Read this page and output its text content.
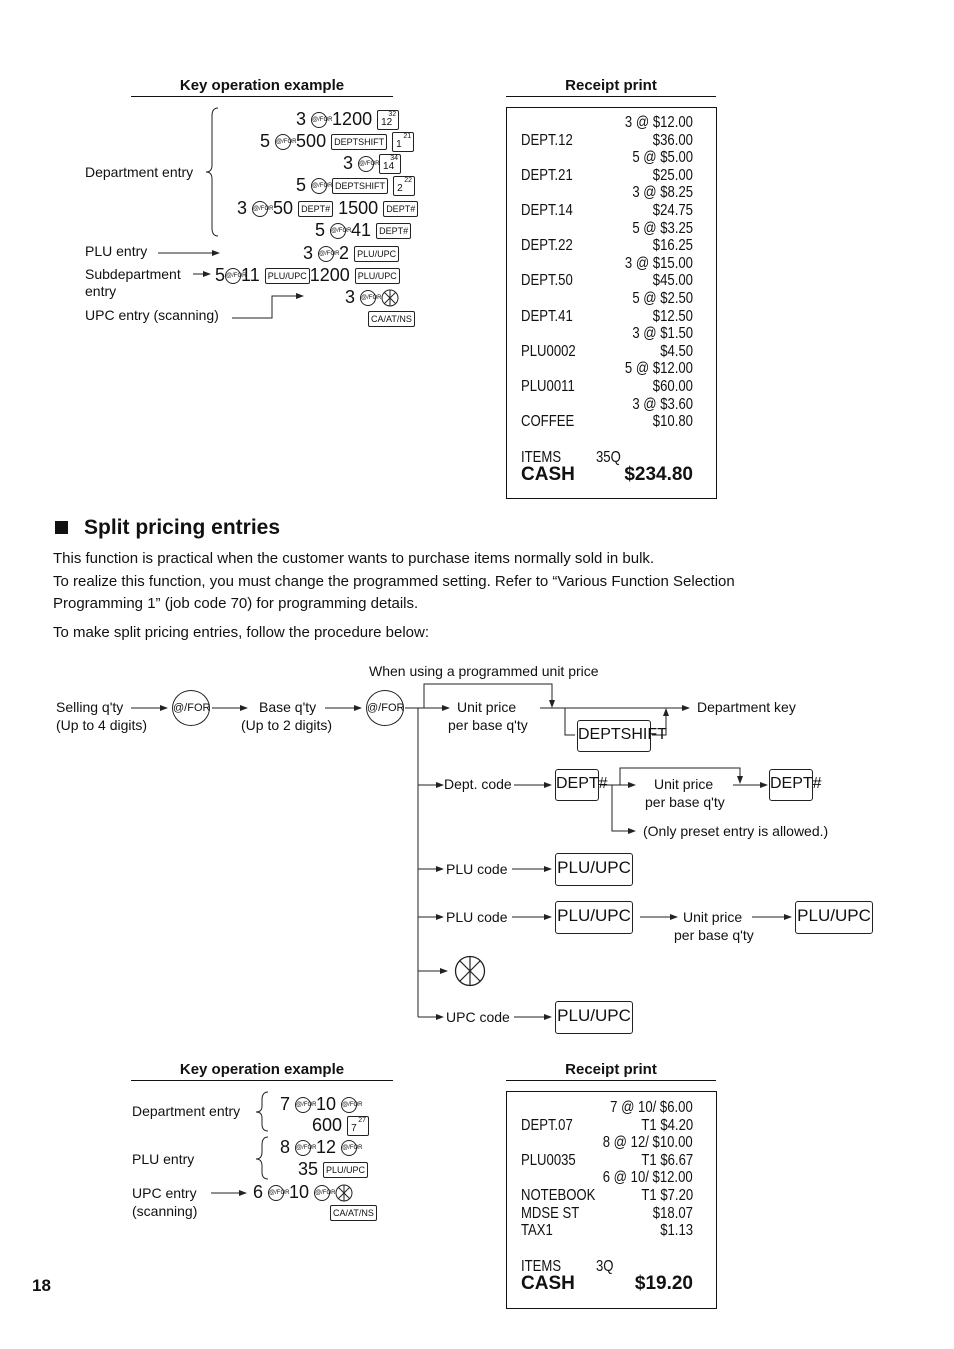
Key operation example	Receipt print
Department entry
PLU entry
Subdepartment
entry
UPC entry (scanning)
3 @/FOR 1200 32
12
5 @/FOR 500 DEPTSHIFT
21
1
3 @/FOR
34
14
5 @/FOR DEPTSHIFT
22
2
3 @/FOR 50 DEPT# 1500 DEPT#
5 @/FOR 41 DEPT#
3 @/FOR 2 PLU/UPC
5@/FOR11 PLU/UPC 1200 PLU/UPC
3 @/FOR
CA/AT/NS
3 @ $12.00
DEPT.12	$36.00
5 @ $5.00
DEPT.21	$25.00
3 @ $8.25
DEPT.14	$24.75
5 @ $3.25
DEPT.22	$16.25
3 @ $15.00
DEPT.50	$45.00
5 @ $2.50
DEPT.41	$12.50
3 @ $1.50
PLU0002	$4.50
5 @ $12.00
PLU0011	$60.00
3 @ $3.60
COFFEE	$10.80
ITEMS 35Q
CASH	$234.80
Split pricing entries
This function is practical when the customer wants to purchase items normally sold in bulk.
To realize this function, you must change the programmed setting. Refer to “Various Function Selection
Programming 1” (job code 70) for programming details.
To make split pricing entries, follow the procedure below:
When using a programmed unit price
Selling q'ty
(Up to 4 digits)
@/FOR	Base q'ty
(Up to 2 digits)
@/FOR	Unit price
per base q'ty
Department key
DEPTSHIFT
Dept. code	DEPT#	Unit price
per base q'ty
DEPT#
(Only preset entry is allowed.)
PLU code	PLU/UPC
PLU code	PLU/UPC	Unit price
per base q'ty
PLU/UPC
UPC code	PLU/UPC
Key operation example	Receipt print
Department entry
PLU entry
UPC entry
(scanning)
7 @/FOR 10 @/FOR
600 27
7
8 @/FOR 12 @/FOR
35 PLU/UPC
6 @/FOR 10 @/FOR
CA/AT/NS
7 @ 10/ $6.00
DEPT.07	T1 $4.20
8 @ 12/ $10.00
PLU0035	T1 $6.67
6 @ 10/ $12.00
NOTEBOOK	T1 $7.20
MDSE ST	$18.07
TAX1	$1.13
ITEMS 3Q
CASH	$19.20
18
